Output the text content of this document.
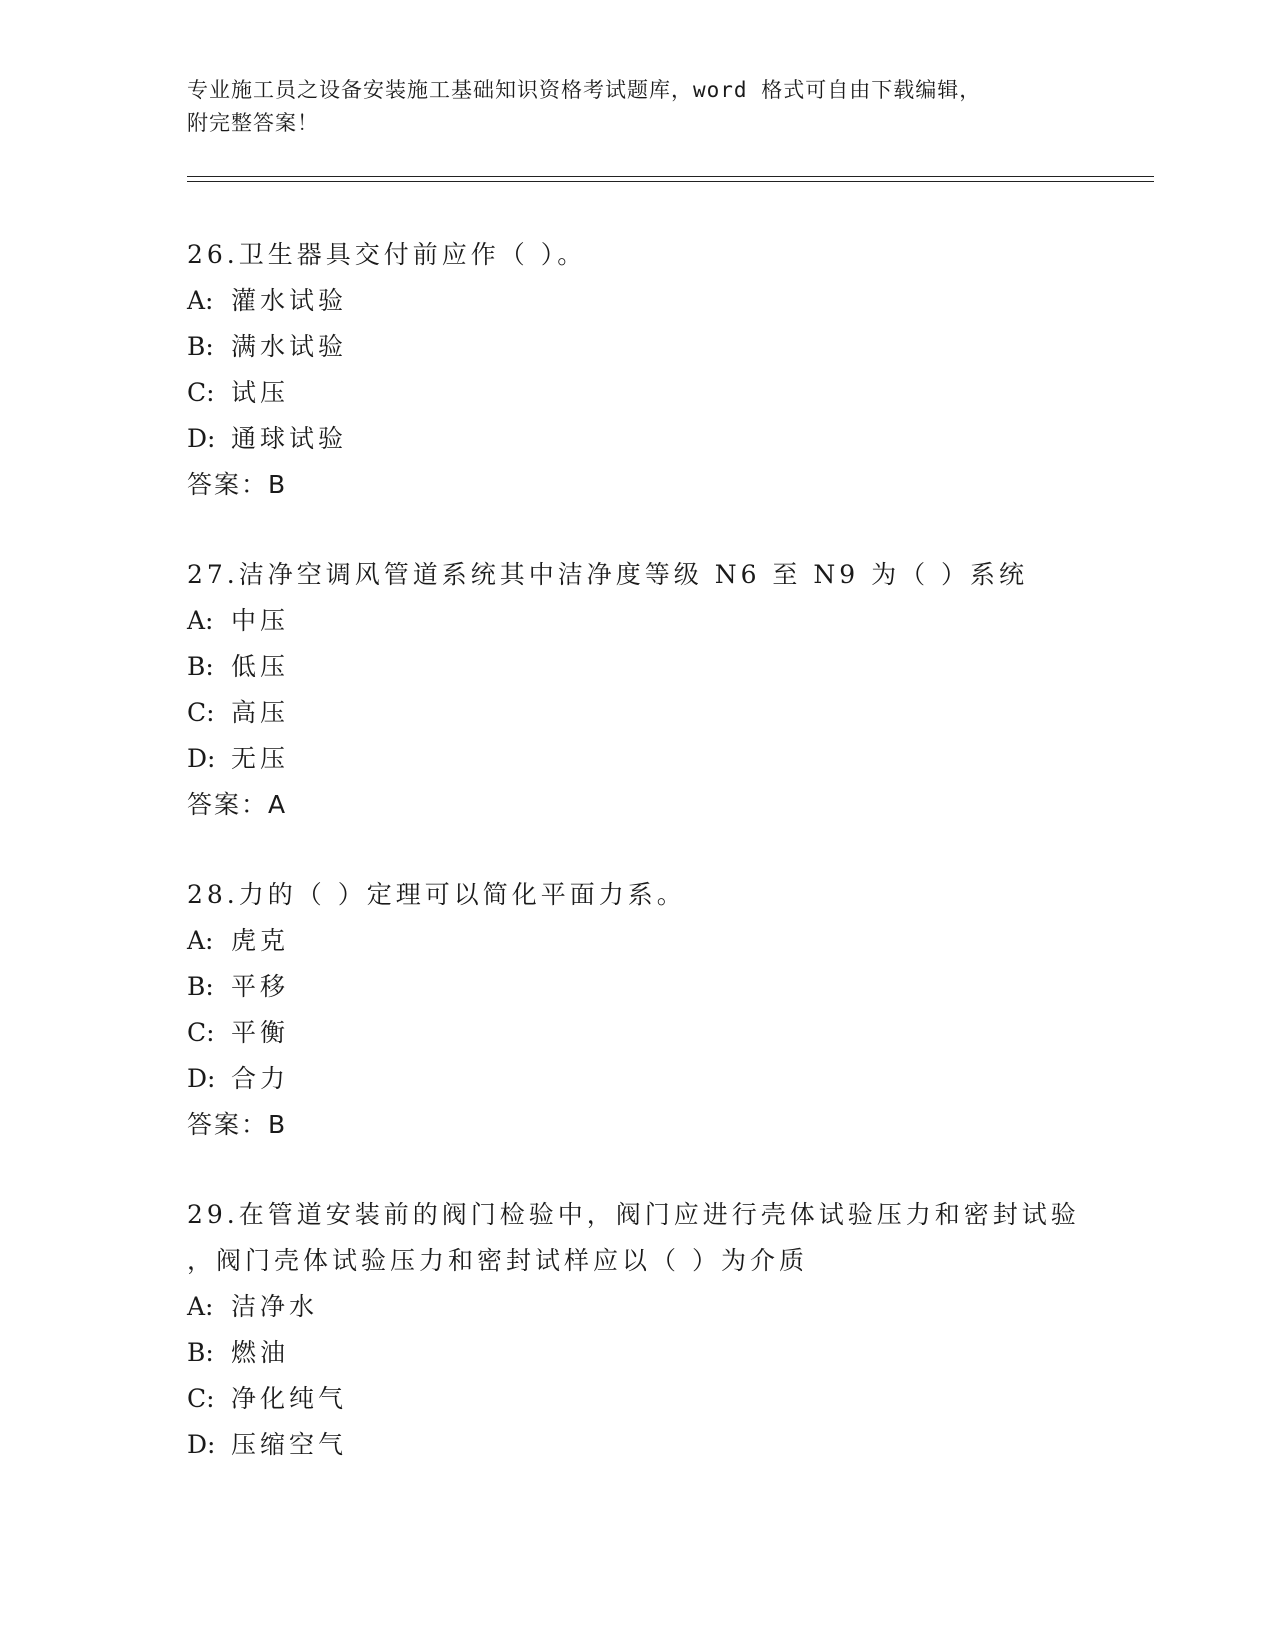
专业施工员之设备安装施工基础知识资格考试题库，word 格式可自由下载编辑，
附完整答案！
26.卫生器具交付前应作（ ）。
A: 灌水试验
B: 满水试验
C: 试压
D: 通球试验
答案：B
27.洁净空调风管道系统其中洁净度等级 N6 至 N9 为（ ）系统
A: 中压
B: 低压
C: 高压
D: 无压
答案：A
28.力的（ ）定理可以简化平面力系。
A: 虎克
B: 平移
C: 平衡
D: 合力
答案：B
29.在管道安装前的阀门检验中，阀门应进行壳体试验压力和密封试验
，阀门壳体试验压力和密封试样应以（ ）为介质
A: 洁净水
B: 燃油
C: 净化纯气
D: 压缩空气
